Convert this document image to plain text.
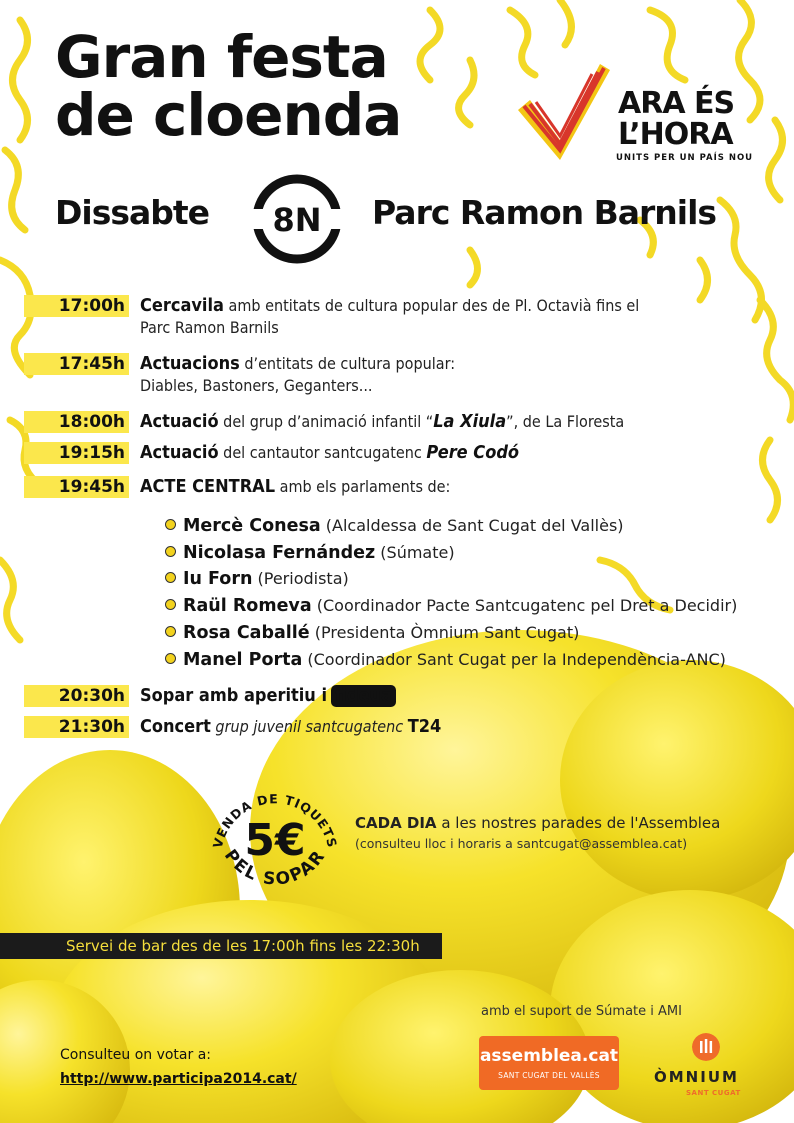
Gran festa
de cloenda	ARA ÉS
L’HORA
UNITS PER UN PAÍS NOU
Dissabte 8N Parc Ramon Barnils
17:00h Cercavila amb entitats de cultura popular des de Pl. Octavià fins el
Parc Ramon Barnils
17:45h Actuacions d’entitats de cultura popular:
Diables, Bastoners, Geganters...
18:00h Actuació del grup d’animació infantil “La Xiula”, de La Floresta
19:15h Actuació del cantautor santcugatenc Pere Codó
19:45h ACTE CENTRAL amb els parlaments de:
Mercè Conesa (Alcaldessa de Sant Cugat del Vallès)
Nicolasa Fernández (Súmate)
Iu Forn (Periodista)
Raül Romeva (Coordinador Pacte Santcugatenc pel Dret a Decidir)
Rosa Caballé (Presidenta Òmnium Sant Cugat)
Manel Porta (Coordinador Sant Cugat per la Independència-ANC)
20:30h Sopar amb aperitiu i fideuà
21:30h Concert grup juvenil santcugatenc T24
VENDA DE TIQUETS
5€
PEL SOPAR
CADA DIA a les nostres parades de l'Assemblea
(consulteu lloc i horaris a santcugat@assemblea.cat)
Servei de bar des de les 17:00h fins les 22:30h
amb el suport de Súmate i AMI
Consulteu on votar a:
http://www.participa2014.cat/
assemblea.cat
SANT CUGAT DEL VALLÈS	ÒMNIUM
SANT CUGAT
